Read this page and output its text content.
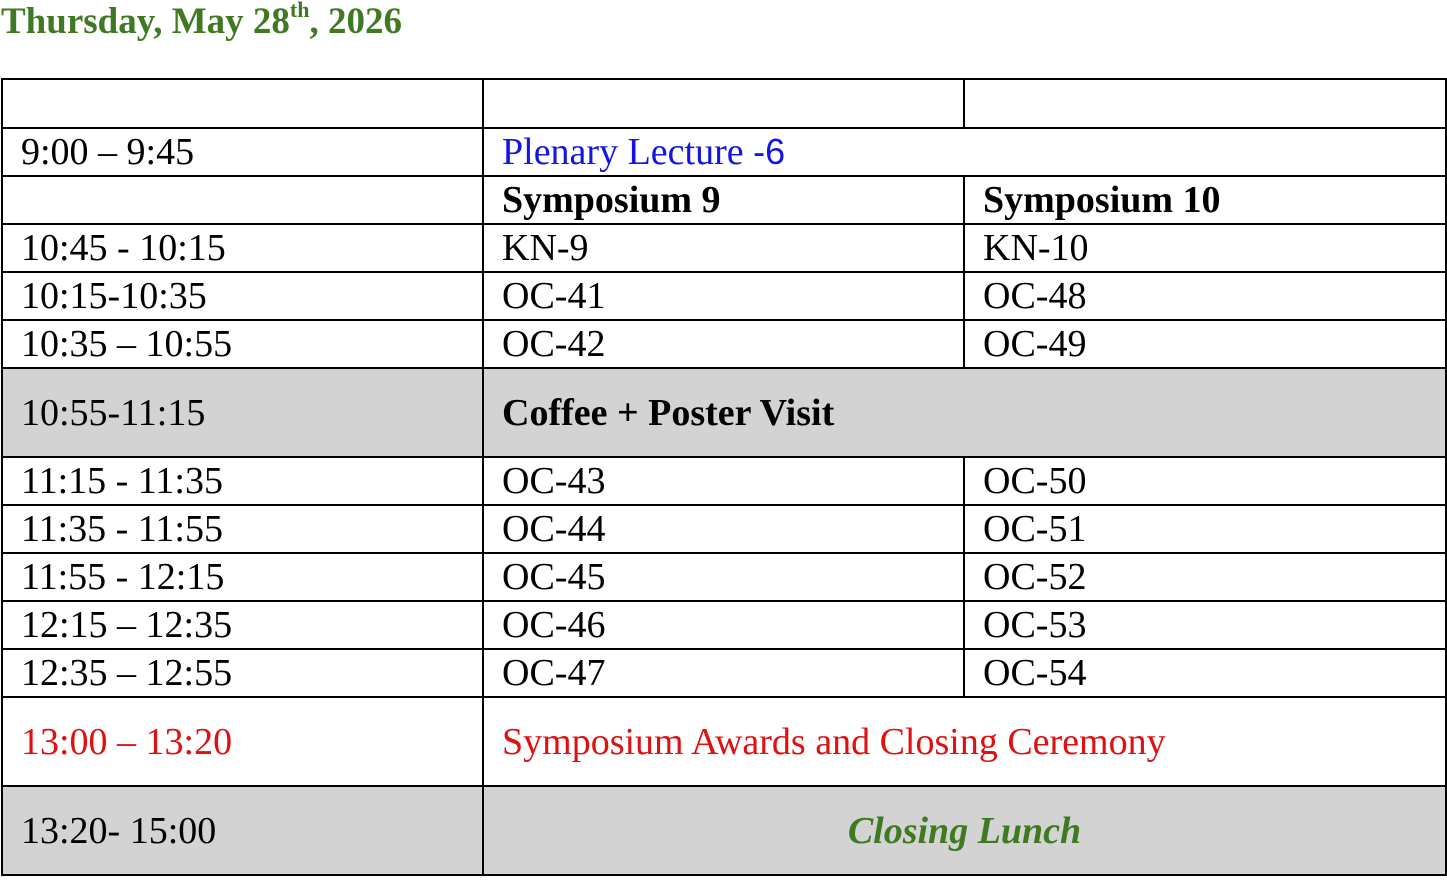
Thursday, May 28th, 2026

9:00 – 9:45	Plenary Lecture -6	
	Symposium 9	Symposium 10
10:45 - 10:15	KN-9	KN-10
10:15-10:35	OC-41	OC-48
10:35 – 10:55	OC-42	OC-49
10:55-11:15	Coffee + Poster Visit	
11:15 - 11:35	OC-43	OC-50
11:35 - 11:55	OC-44	OC-51
11:55 - 12:15	OC-45	OC-52
12:15 – 12:35	OC-46	OC-53
12:35 – 12:55	OC-47	OC-54
13:00 – 13:20	Symposium Awards and Closing Ceremony	
13:20- 15:00	Closing Lunch	
